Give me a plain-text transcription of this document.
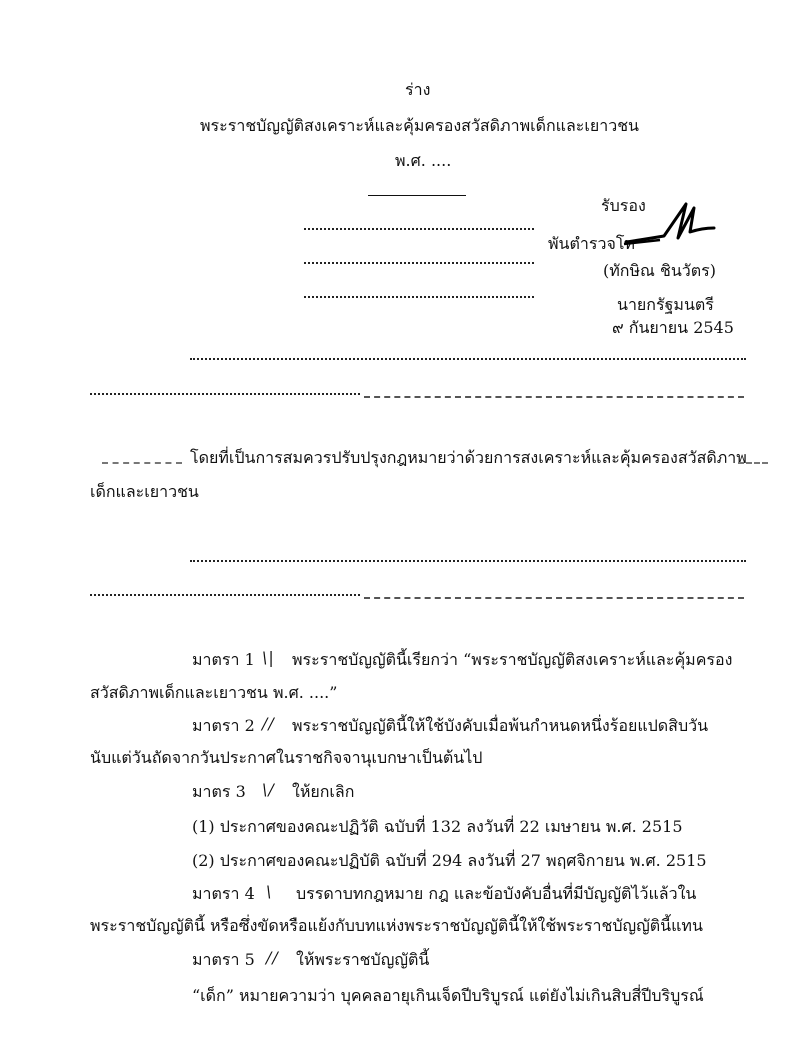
ร่าง
พระราชบัญญัติสงเคราะห์และคุ้มครองสวัสดิภาพเด็กและเยาวชน
พ.ศ. ....
รับรอง
พันตำรวจโท
(ทักษิณ ชินวัตร)
นายกรัฐมนตรี
๙ กันยายน 2545
โดยที่เป็นการสมควรปรับปรุงกฎหมายว่าด้วยการสงเคราะห์และคุ้มครองสวัสดิภาพ
เด็กและเยาวชน
มาตรา 1 \| พระราชบัญญัตินี้เรียกว่า “พระราชบัญญัติสงเคราะห์และคุ้มครอง
สวัสดิภาพเด็กและเยาวชน พ.ศ. ....”
มาตรา 2 // พระราชบัญญัตินี้ให้ใช้บังคับเมื่อพ้นกำหนดหนึ่งร้อยแปดสิบวัน
นับแต่วันถัดจากวันประกาศในราชกิจจานุเบกษาเป็นต้นไป
มาตร 3 \/ ให้ยกเลิก
(1) ประกาศของคณะปฏิวัติ ฉบับที่ 132 ลงวันที่ 22 เมษายน พ.ศ. 2515
(2) ประกาศของคณะปฏิบัติ ฉบับที่ 294 ลงวันที่ 27 พฤศจิกายน พ.ศ. 2515
มาตรา 4 \ บรรดาบทกฎหมาย กฎ และข้อบังคับอื่นที่มีบัญญัติไว้แล้วใน
พระราชบัญญัตินี้ หรือซึ่งขัดหรือแย้งกับบทแห่งพระราชบัญญัตินี้ให้ใช้พระราชบัญญัตินี้แทน
มาตรา 5 // ให้พระราชบัญญัตินี้
“เด็ก” หมายความว่า บุคคลอายุเกินเจ็ดปีบริบูรณ์ แต่ยังไม่เกินสิบสี่ปีบริบูรณ์
